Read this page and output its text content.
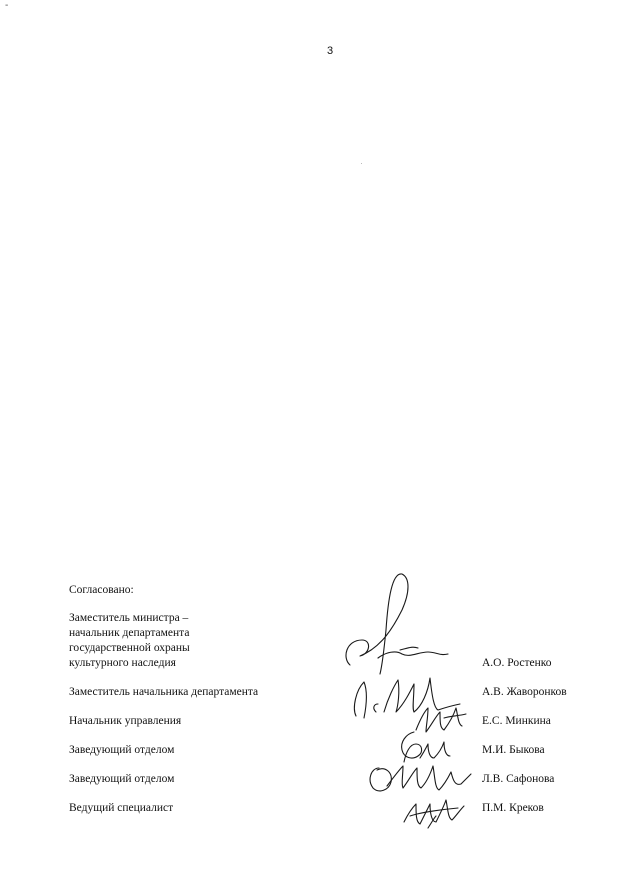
-
3
Согласовано:
Заместитель министра –
начальник департамента
государственной охраны
культурного наследия	А.О. Ростенко
Заместитель начальника департамента	А.В. Жаворонков
Начальник управления	Е.С. Минкина
Заведующий отделом	М.И. Быкова
Заведующий отделом	Л.В. Сафонова
Ведущий специалист	П.М. Креков
